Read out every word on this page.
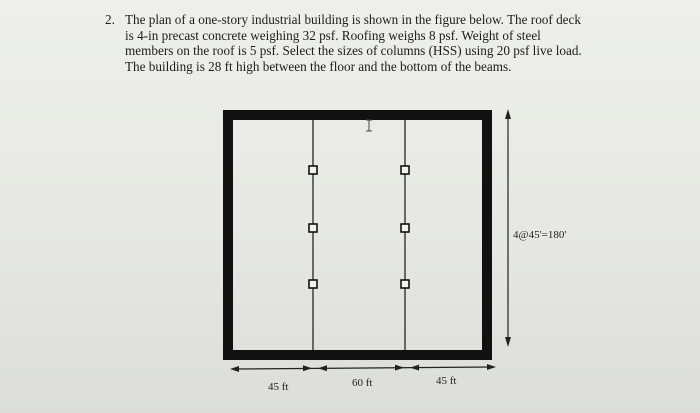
2. The plan of a one-story industrial building is shown in the figure below. The roof deck
is 4-in precast concrete weighing 32 psf. Roofing weighs 8 psf. Weight of steel
members on the roof is 5 psf. Select the sizes of columns (HSS) using 20 psf live load.
The building is 28 ft high between the floor and the bottom of the beams.
4@45'=180'
45 ft	60 ft	45 ft
